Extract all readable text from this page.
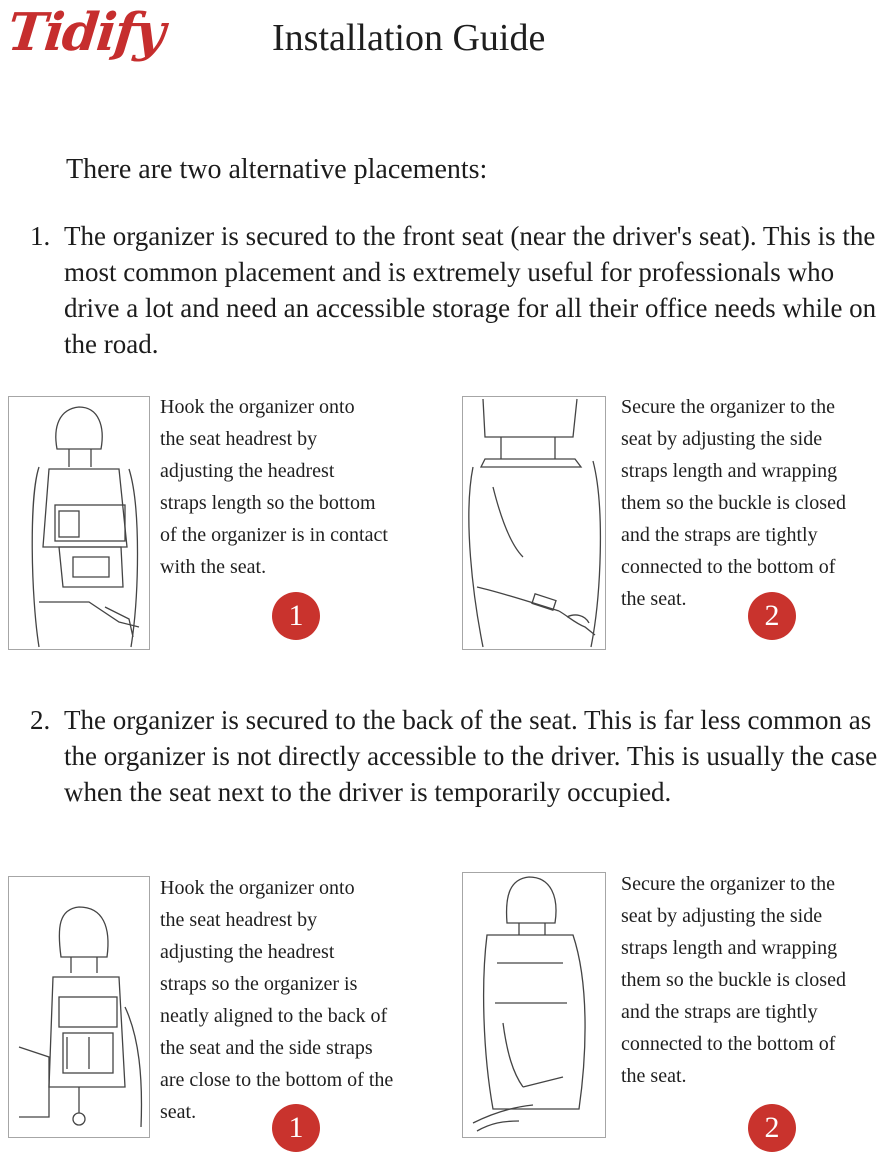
Tidify	Installation Guide
There are two alternative placements:
1. The organizer is secured to the front seat (near the driver's seat). This is the most common placement and is extremely useful for professionals who drive a lot and need an accessible storage for all their office needs while on the road.
Hook the organizer onto
the seat headrest by
adjusting the headrest
straps length so the bottom
of the organizer is in contact
with the seat.
1
Secure the organizer to the
seat by adjusting the side
straps length and wrapping
them so the buckle is closed
and the straps are tightly
connected to the bottom of
the seat.	2
2. The organizer is secured to the back of the seat. This is far less common as the organizer is not directly accessible to the driver. This is usually the case when the seat next to the driver is temporarily occupied.
Hook the organizer onto
the seat headrest by
adjusting the headrest
straps so the organizer is
neatly aligned to the back of
the seat and the side straps
are close to the bottom of the
seat.	1
Secure the organizer to the
seat by adjusting the side
straps length and wrapping
them so the buckle is closed
and the straps are tightly
connected to the bottom of
the seat.
2
